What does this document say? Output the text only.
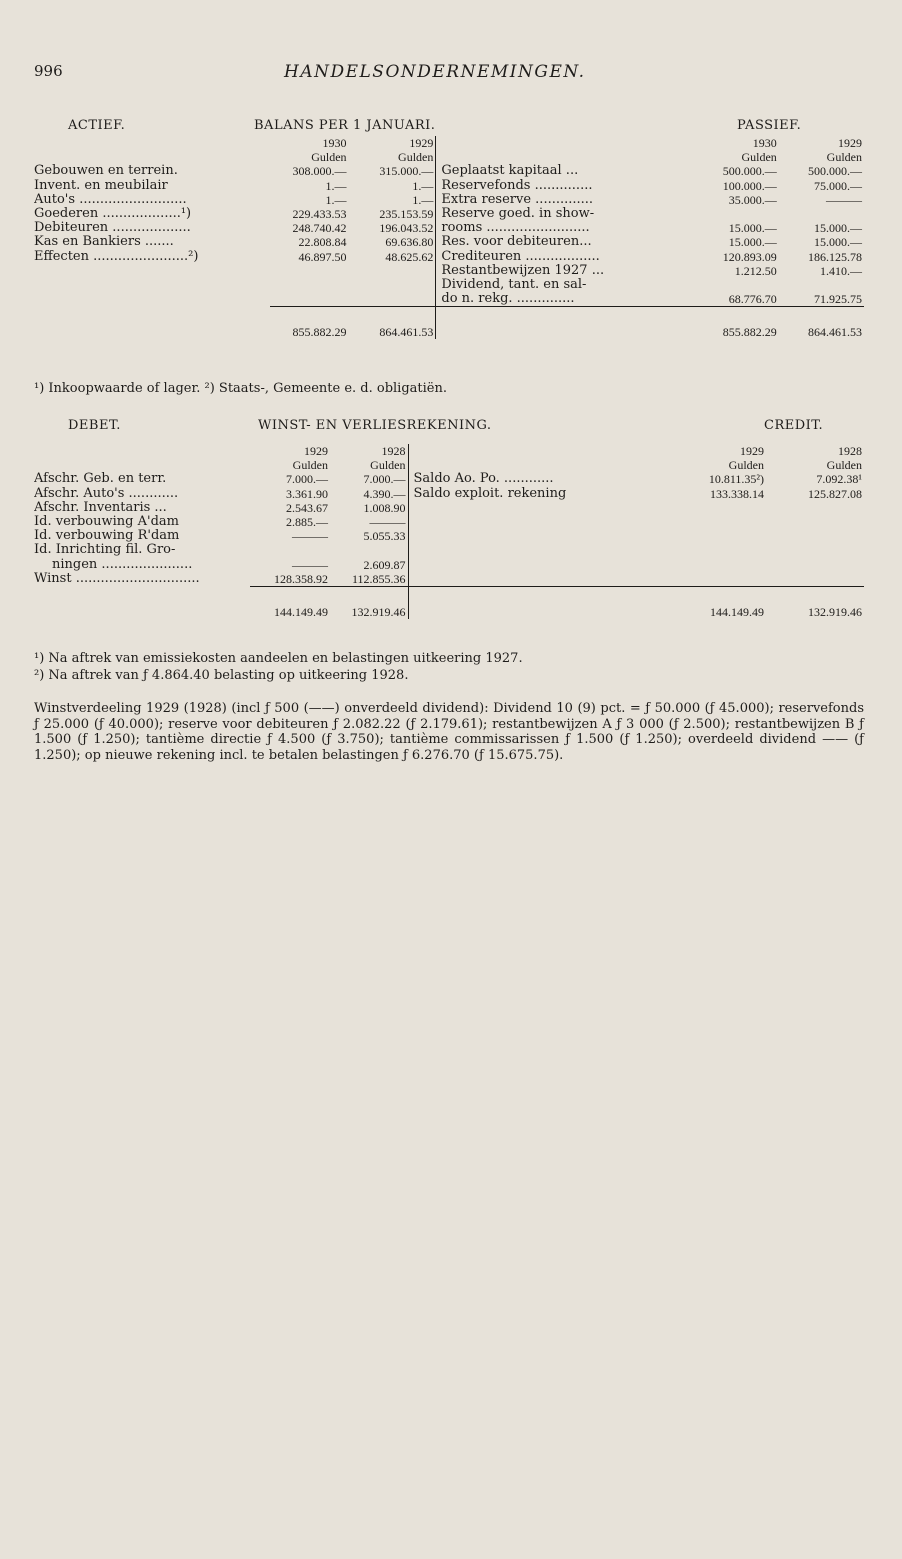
996	HANDELSONDERNEMINGEN.
ACTIEF.	BALANS PER 1 JANUARI.	PASSIEF.
	1930	1929		1930	1929
	Gulden	Gulden		Gulden	Gulden
Gebouwen en terrein.	308.000.—	315.000.—	Geplaatst kapitaal ...	500.000.—	500.000.—
Invent. en meubilair	1.—	1.—	Reservefonds ..............	100.000.—	75.000.—
Auto's ..........................	1.—	1.—	Extra reserve ..............	35.000.—	———
Goederen ...................¹)	229.433.53	235.153.59	Reserve goed. in show-		
Debiteuren ...................	248.740.42	196.043.52	rooms .........................	15.000.—	15.000.—
Kas en Bankiers .......	22.808.84	69.636.80	Res. voor debiteuren...	15.000.—	15.000.—
Effecten .......................²)	46.897.50	48.625.62	Crediteuren ..................	120.893.09	186.125.78
			Restantbewijzen 1927 ...	1.212.50	1.410.—
			Dividend, tant. en sal-		
			do n. rekg. ..............	68.776.70	71.925.75

	855.882.29	864.461.53		855.882.29	864.461.53
¹) Inkoopwaarde of lager. ²) Staats-, Gemeente e. d. obligatiën.
DEBET.	WINST- EN VERLIESREKENING.	CREDIT.
	1929	1928		1929	1928
	Gulden	Gulden		Gulden	Gulden
Afschr. Geb. en terr.	7.000.—	7.000.—	Saldo Ao. Po. ............	10.811.35²)	7.092.38¹
Afschr. Auto's ............	3.361.90	4.390.—	Saldo exploit. rekening	133.338.14	125.827.08
Afschr. Inventaris ...	2.543.67	1.008.90			
Id. verbouwing A'dam	2.885.—	———			
Id. verbouwing R'dam	———	5.055.33			
Id. Inrichting fil. Gro-					
ningen ......................	———	2.609.87			
Winst ..............................	128.358.92	112.855.36			

	144.149.49	132.919.46		144.149.49	132.919.46
¹) Na aftrek van emissiekosten aandeelen en belastingen uitkeering 1927.
²) Na aftrek van ƒ 4.864.40 belasting op uitkeering 1928.
Winstverdeeling 1929 (1928) (incl ƒ 500 (——) onverdeeld dividend): Dividend 10 (9) pct. = ƒ 50.000 (ƒ 45.000); reservefonds ƒ 25.000 (ƒ 40.000); reserve voor debiteuren ƒ 2.082.22 (ƒ 2.179.61); restantbewijzen A ƒ 3 000 (ƒ 2.500); restantbewijzen B ƒ 1.500 (ƒ 1.250); tantième directie ƒ 4.500 (ƒ 3.750); tantième commissarissen ƒ 1.500 (ƒ 1.250); overdeeld dividend —— (ƒ 1.250); op nieuwe rekening incl. te betalen belastingen ƒ 6.276.70 (ƒ 15.675.75).
